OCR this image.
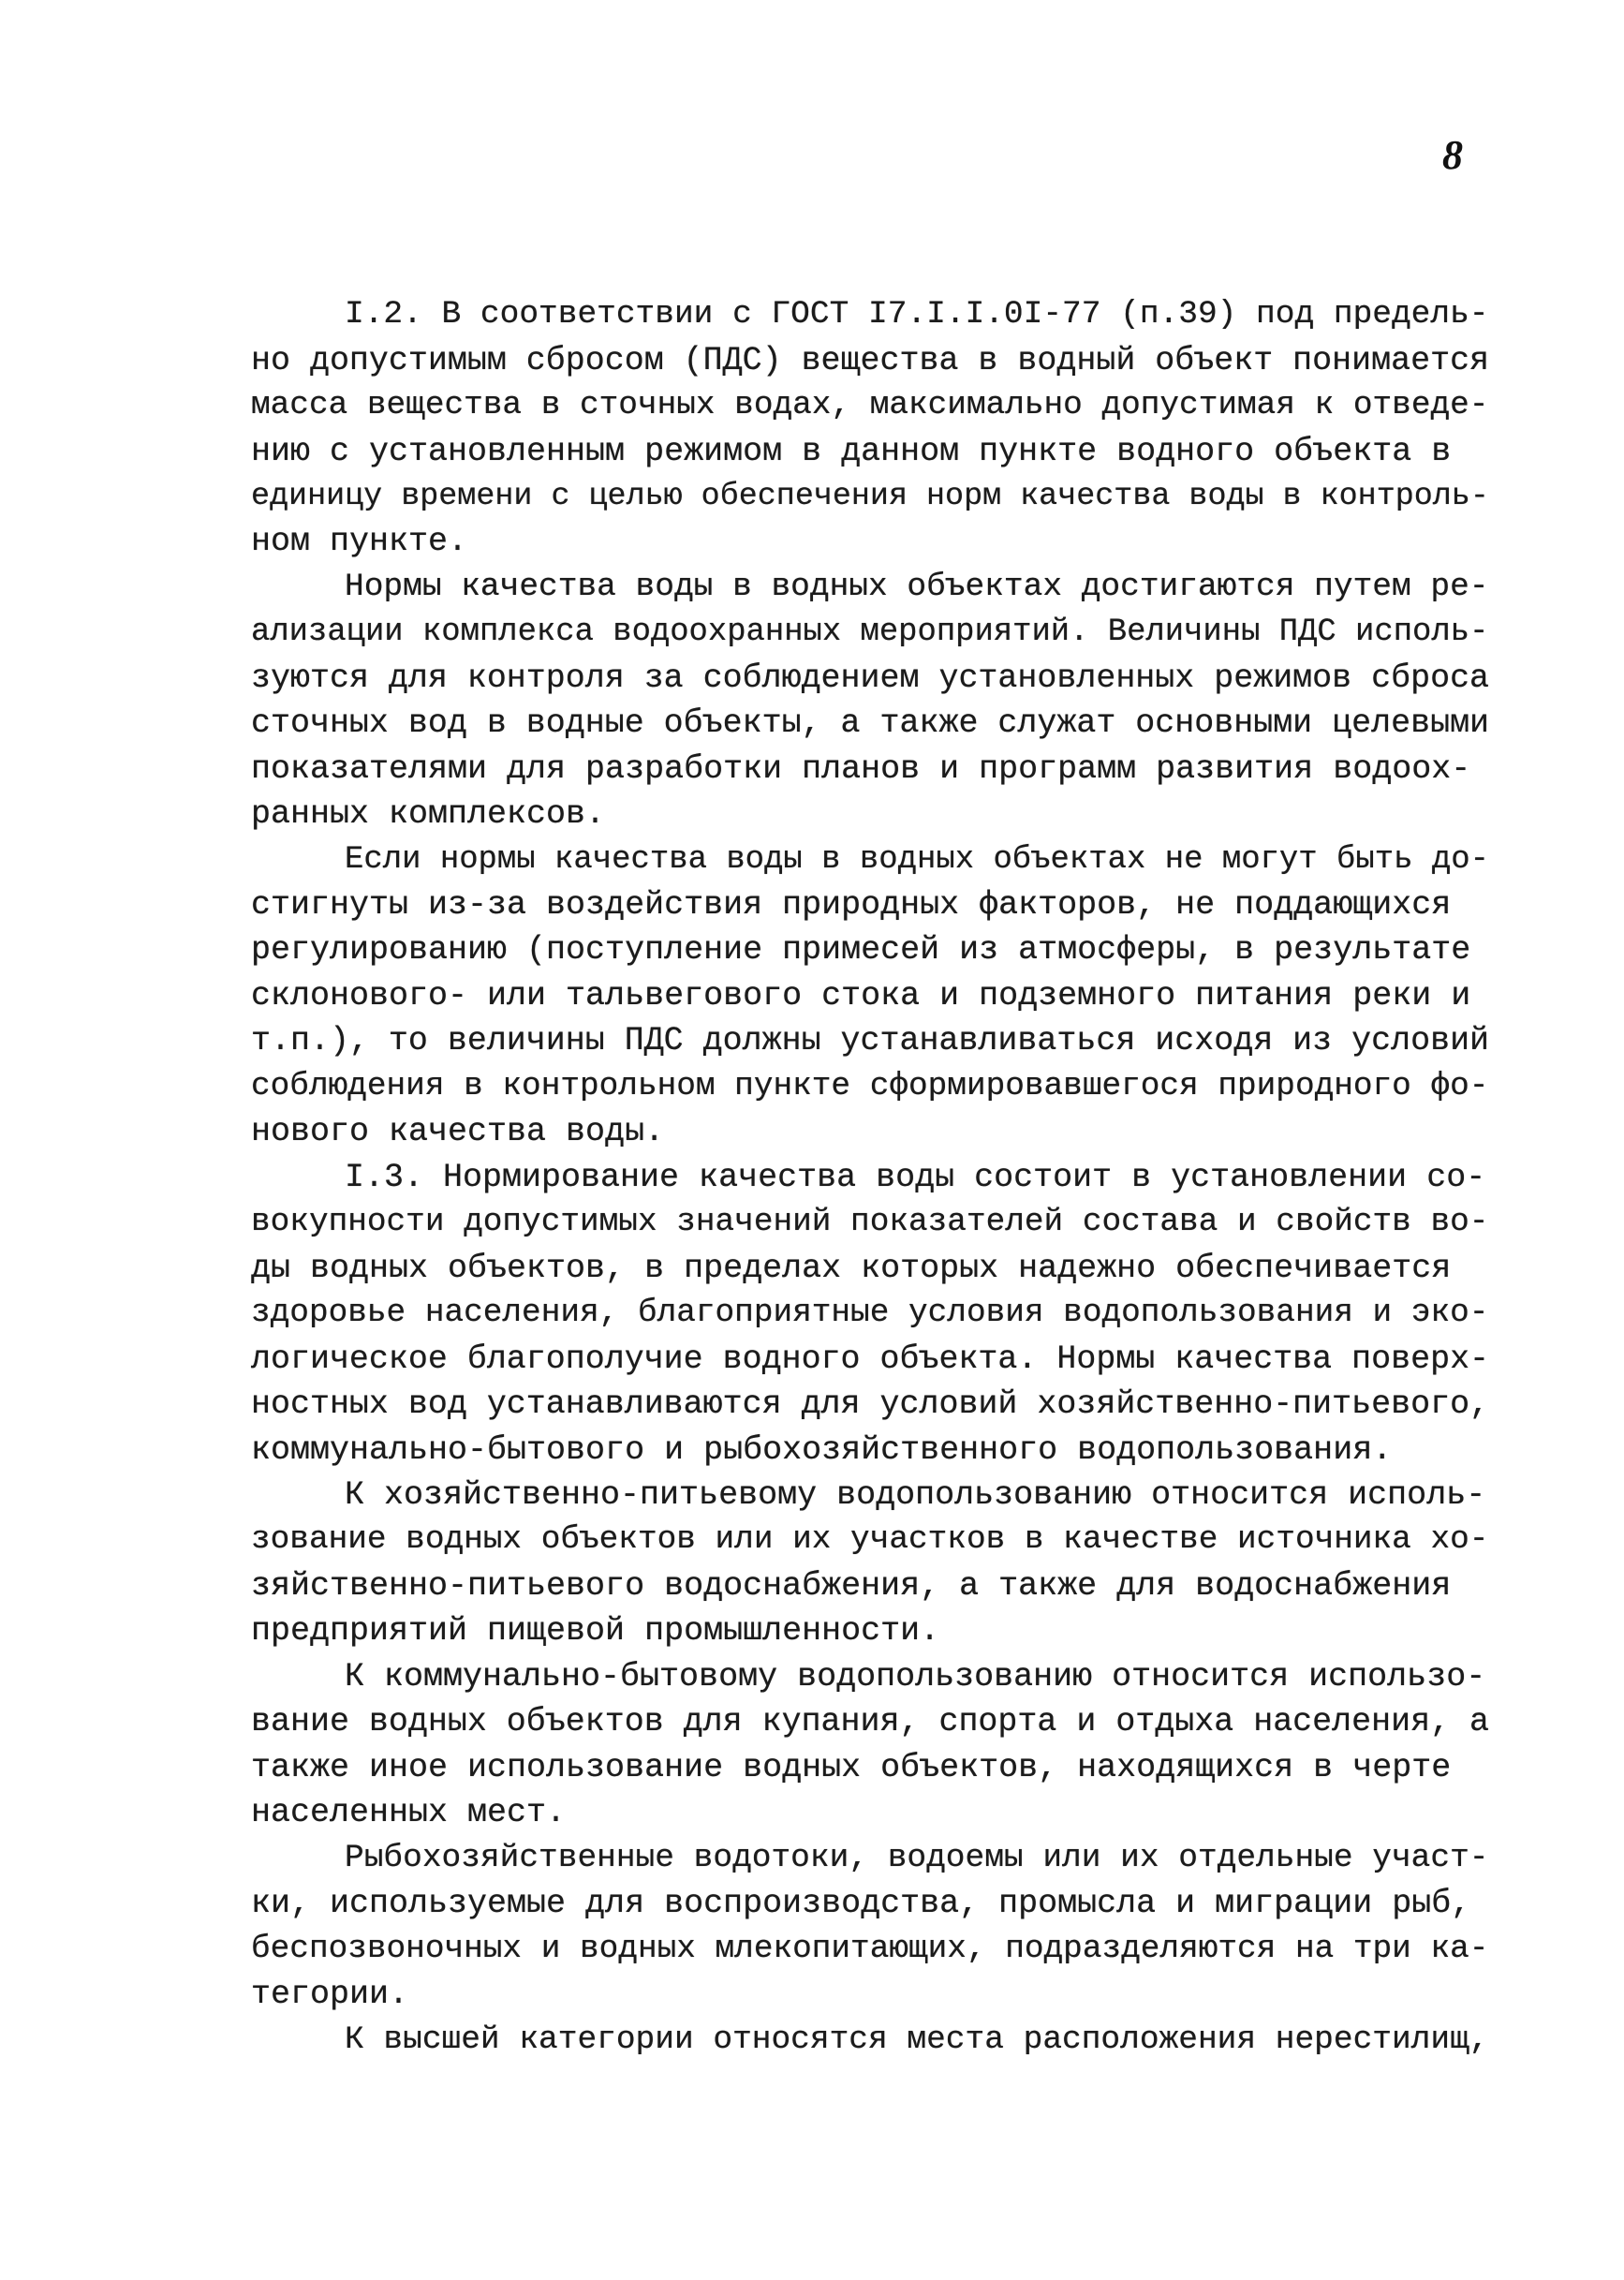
8
I.2. В соответствии с ГОСТ I7.I.I.0I-77 (п.39) под предель-
но допустимым сбросом (ПДС) вещества в водный объект понимается
масса вещества в сточных водах, максимально допустимая к отведе-
нию с установленным режимом в данном пункте водного объекта в
единицу времени с целью обеспечения норм качества воды в контроль-
ном пункте.
Нормы качества воды в водных объектах достигаются путем ре-
ализации комплекса водоохранных мероприятий. Величины ПДС исполь-
зуются для контроля за соблюдением установленных режимов сброса
сточных вод в водные объекты, а также служат основными целевыми
показателями для разработки планов и программ развития водоох-
ранных комплексов.
Если нормы качества воды в водных объектах не могут быть до-
стигнуты из-за воздействия природных факторов, не поддающихся
регулированию (поступление примесей из атмосферы, в результате
склонового- или тальвегового стока и подземного питания реки и
т.п.), то величины ПДС должны устанавливаться исходя из условий
соблюдения в контрольном пункте сформировавшегося природного фо-
нового качества воды.
I.3. Нормирование качества воды состоит в установлении со-
вокупности допустимых значений показателей состава и свойств во-
ды водных объектов, в пределах которых надежно обеспечивается
здоровье населения, благоприятные условия водопользования и эко-
логическое благополучие водного объекта. Нормы качества поверх-
ностных вод устанавливаются для условий хозяйственно-питьевого,
коммунально-бытового и рыбохозяйственного водопользования.
К хозяйственно-питьевому водопользованию относится исполь-
зование водных объектов или их участков в качестве источника хо-
зяйственно-питьевого водоснабжения, а также для водоснабжения
предприятий пищевой промышленности.
К коммунально-бытовому водопользованию относится использо-
вание водных объектов для купания, спорта и отдыха населения, а
также иное использование водных объектов, находящихся в черте
населенных мест.
Рыбохозяйственные водотоки, водоемы или их отдельные участ-
ки, используемые для воспроизводства, промысла и миграции рыб,
беспозвоночных и водных млекопитающих, подразделяются на три ка-
тегории.
К высшей категории относятся места расположения нерестилищ,
